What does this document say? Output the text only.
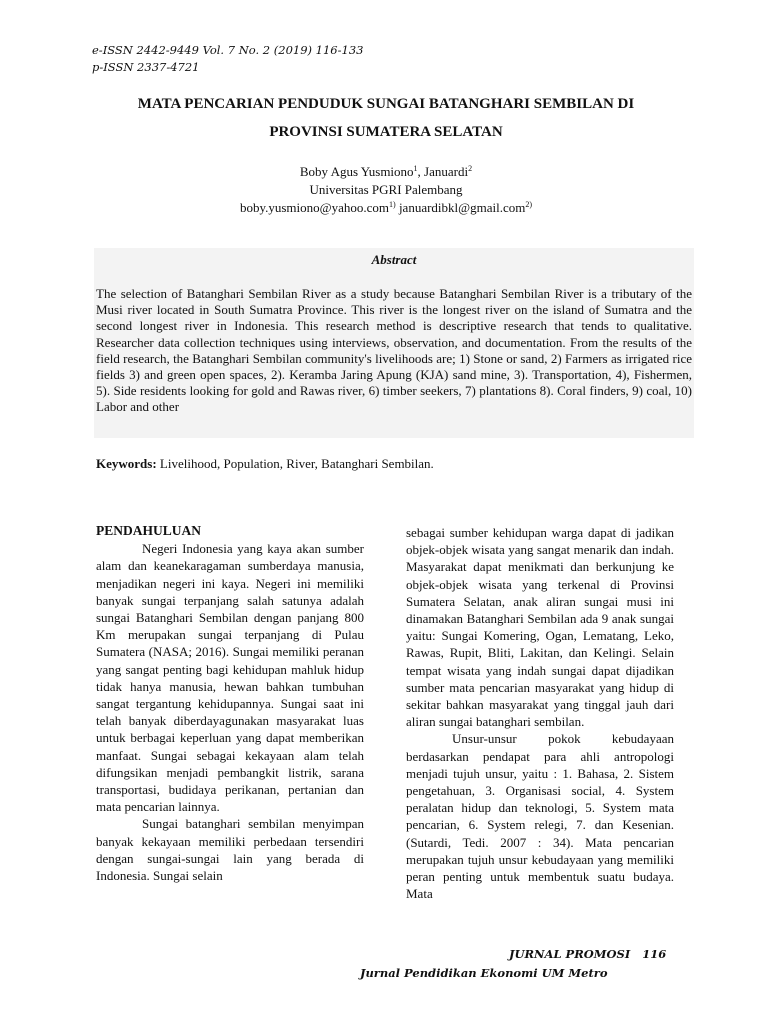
e-ISSN 2442-9449 Vol. 7 No. 2 (2019) 116-133
p-ISSN 2337-4721
MATA PENCARIAN PENDUDUK SUNGAI BATANGHARI SEMBILAN DI
PROVINSI SUMATERA SELATAN
Boby Agus Yusmiono$^1$, Januardi$^2$
Universitas PGRI Palembang
boby.yusmiono@yahoo.com$^{1)}$ januardibkl@gmail.com$^{2)}$
Abstract
The selection of Batanghari Sembilan River as a study because Batanghari Sembilan River is a tributary of the Musi river located in South Sumatra Province. This river is the longest river on the island of Sumatra and the second longest river in Indonesia. This research method is descriptive research that tends to qualitative. Researcher data collection techniques using interviews, observation, and documentation. From the results of the field research, the Batanghari Sembilan community's livelihoods are; 1) Stone or sand, 2) Farmers as irrigated rice fields 3) and green open spaces, 2). Keramba Jaring Apung (KJA) sand mine, 3). Transportation, 4), Fishermen, 5). Side residents looking for gold and Rawas river, 6) timber seekers, 7) plantations 8). Coral finders, 9) coal, 10) Labor and other
Keywords: Livelihood, Population, River, Batanghari Sembilan.
PENDAHULUAN

Negeri Indonesia yang kaya akan sumber alam dan keanekaragaman sumberdaya manusia, menjadikan negeri ini kaya. Negeri ini memiliki banyak sungai terpanjang salah satunya adalah sungai Batanghari Sembilan dengan panjang 800 Km merupakan sungai terpanjang di Pulau Sumatera (NASA; 2016). Sungai memiliki peranan yang sangat penting bagi kehidupan mahluk hidup tidak hanya manusia, hewan bahkan tumbuhan sangat tergantung kehidupannya. Sungai saat ini telah banyak diberdayagunakan masyarakat luas untuk berbagai keperluan yang dapat memberikan manfaat. Sungai sebagai kekayaan alam telah difungsikan menjadi pembangkit listrik, sarana transportasi, budidaya perikanan, pertanian dan mata pencarian lainnya.

Sungai batanghari sembilan menyimpan banyak kekayaan memiliki perbedaan tersendiri dengan sungai-sungai lain yang berada di Indonesia. Sungai selain

sebagai sumber kehidupan warga dapat di jadikan objek-objek wisata yang sangat menarik dan indah. Masyarakat dapat menikmati dan berkunjung ke objek-objek wisata yang terkenal di Provinsi Sumatera Selatan, anak aliran sungai musi ini dinamakan Batanghari Sembilan ada 9 anak sungai yaitu: Sungai Komering, Ogan, Lematang, Leko, Rawas, Rupit, Bliti, Lakitan, dan Kelingi. Selain tempat wisata yang indah sungai dapat dijadikan sumber mata pencarian masyarakat yang hidup di sekitar bahkan masyarakat yang tinggal jauh dari aliran sungai batanghari sembilan.

Unsur-unsur pokok kebudayaan berdasarkan pendapat para ahli antropologi menjadi tujuh unsur, yaitu : 1. Bahasa, 2. Sistem pengetahuan, 3. Organisasi social, 4. System peralatan hidup dan teknologi, 5. System mata pencarian, 6. System relegi, 7. dan Kesenian. (Sutardi, Tedi. 2007 : 34). Mata pencarian merupakan tujuh unsur kebudayaan yang memiliki peran penting untuk membentuk suatu budaya. Mata

JURNAL PROMOSI 116
Jurnal Pendidikan Ekonomi UM Metro
